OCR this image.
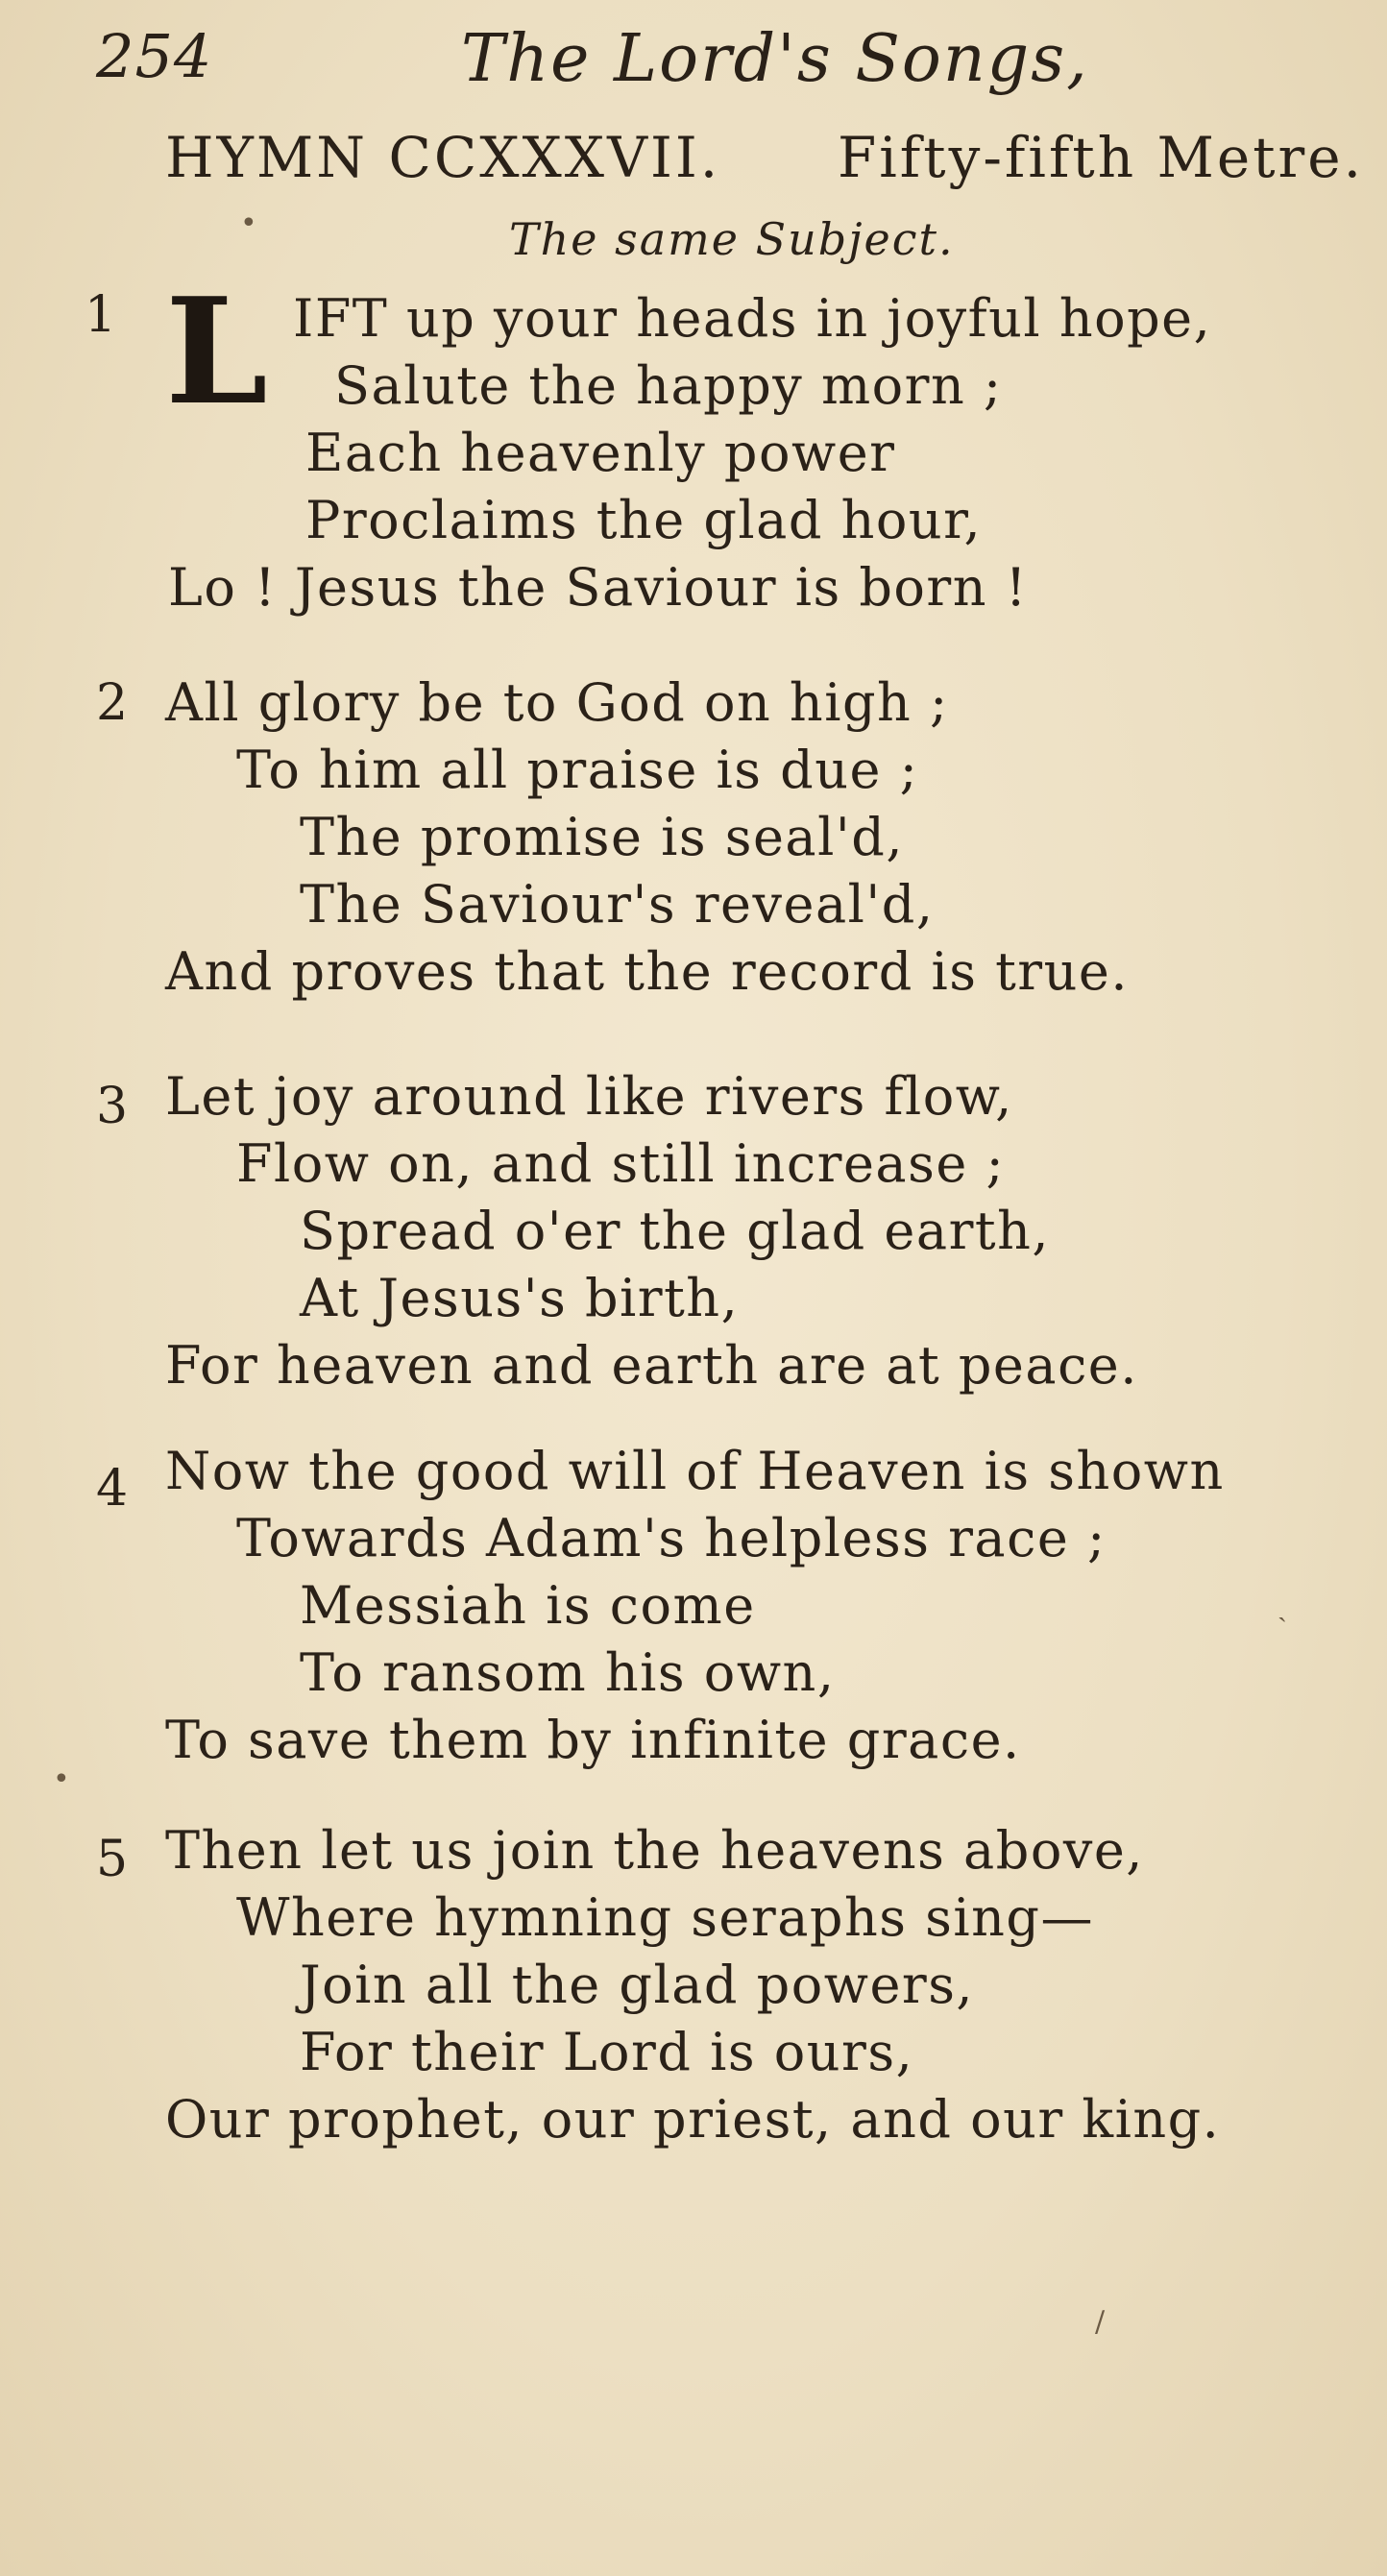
254	The Lord's Songs,
HYMN CCXXXVII. Fifty-fifth Metre.
The same Subject.
1 L IFT up your heads in joyful hope,
Salute the happy morn ;
Each heavenly power
Proclaims the glad hour,
Lo ! Jesus the Saviour is born !
2 All glory be to God on high ;
To him all praise is due ;
The promise is seal'd,
The Saviour's reveal'd,
And proves that the record is true.
3 Let joy around like rivers flow,
Flow on, and still increase ;
Spread o'er the glad earth,
At Jesus's birth,
For heaven and earth are at peace.
4 Now the good will of Heaven is shown
Towards Adam's helpless race ;
Messiah is come
To ransom his own,
To save them by infinite grace.
5 Then let us join the heavens above,
Where hymning seraphs sing—
Join all the glad powers,
For their Lord is ours,
Our prophet, our priest, and our king.
•
•
ˎ
/
